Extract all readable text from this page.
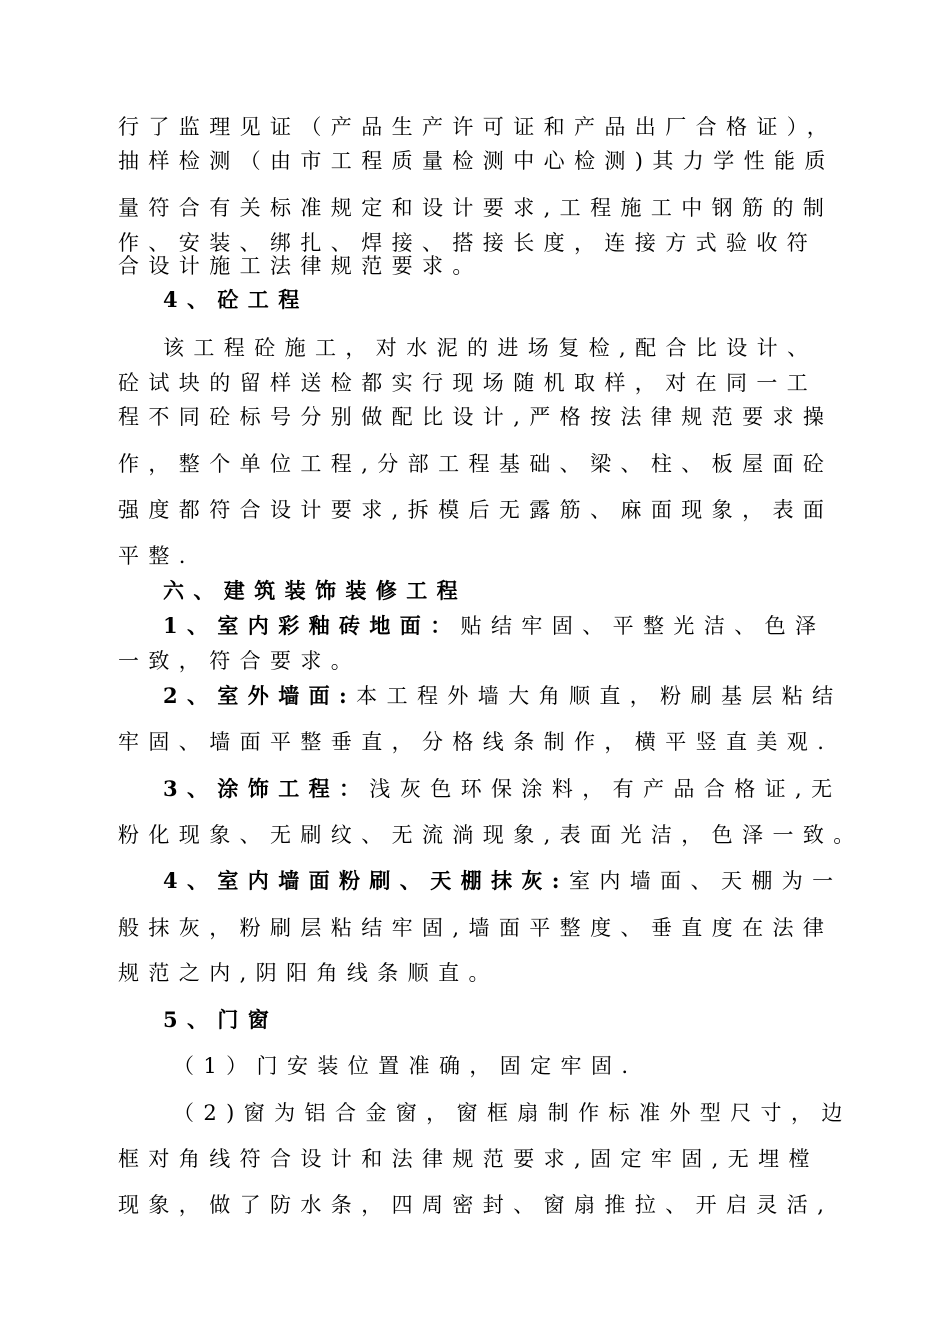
行了监理见证（产品生产许可证和产品出厂合格证），
抽样检测（由市工程质量检测中心检测)其力学性能质
量符合有关标准规定和设计要求,工程施工中钢筋的制
作、安装、绑扎、焊接、搭接长度，连接方式验收符
合设计施工法律规范要求。
4、砼工程
该工程砼施工，对水泥的进场复检,配合比设计、
砼试块的留样送检都实行现场随机取样，对在同一工
程不同砼标号分别做配比设计,严格按法律规范要求操
作，整个单位工程,分部工程基础、梁、柱、板屋面砼
强度都符合设计要求,拆模后无露筋、麻面现象，表面
平整.
六、建筑装饰装修工程
1、室内彩釉砖地面：贴结牢固、平整光洁、色泽
一致，符合要求。
2、室外墙面:本工程外墙大角顺直，粉刷基层粘结
牢固、墙面平整垂直，分格线条制作，横平竖直美观.
3、涂饰工程：浅灰色环保涂料，有产品合格证,无
粉化现象、无刷纹、无流淌现象,表面光洁，色泽一致。
4、室内墙面粉刷、天棚抹灰:室内墙面、天棚为一
般抹灰，粉刷层粘结牢固,墙面平整度、垂直度在法律
规范之内,阴阳角线条顺直。
5、门窗
（1）门安装位置准确，固定牢固.
（2)窗为铝合金窗，窗框扇制作标准外型尺寸，边
框对角线符合设计和法律规范要求,固定牢固,无埋樘
现象，做了防水条，四周密封、窗扇推拉、开启灵活,
